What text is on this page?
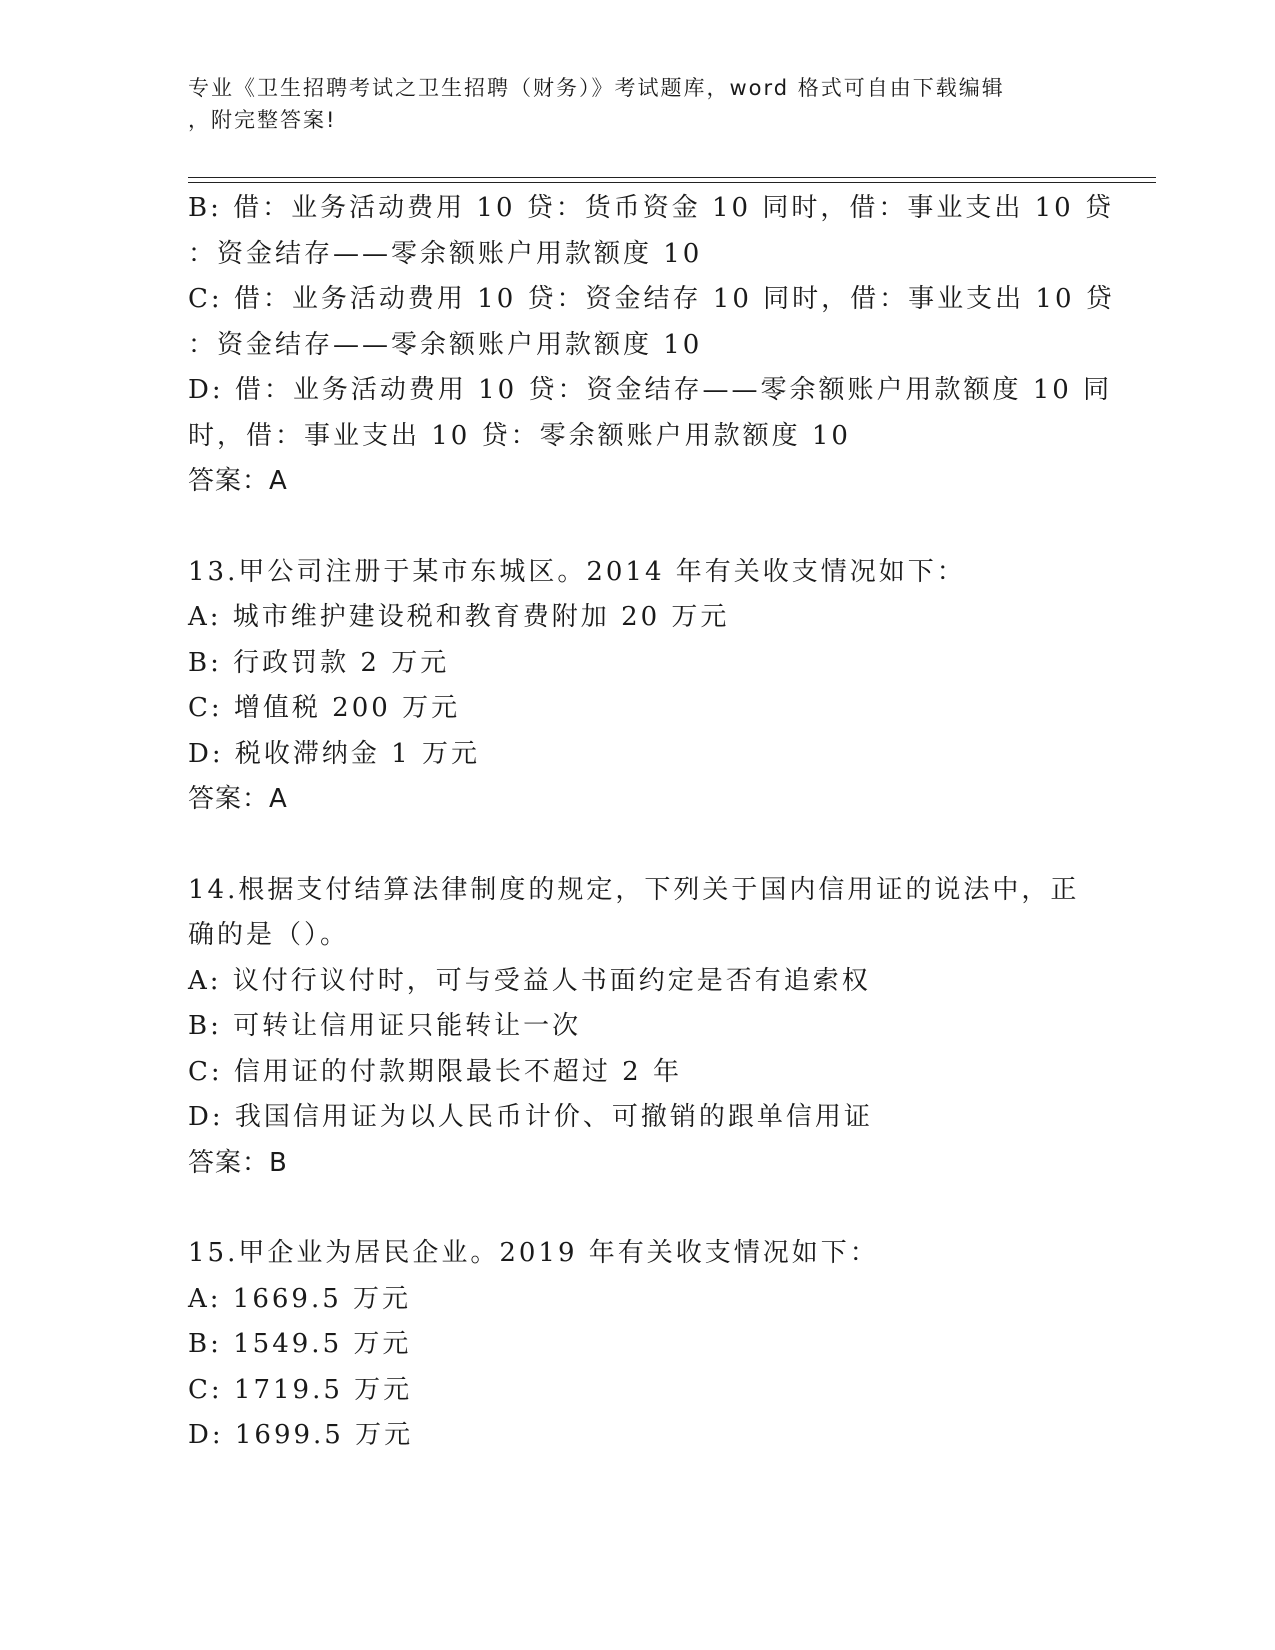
专业《卫生招聘考试之卫生招聘（财务）》考试题库，word 格式可自由下载编辑
，附完整答案!
B: 借：业务活动费用 10 贷：货币资金 10 同时，借：事业支出 10 贷
：资金结存——零余额账户用款额度 10
C: 借：业务活动费用 10 贷：资金结存 10 同时，借：事业支出 10 贷
：资金结存——零余额账户用款额度 10
D: 借：业务活动费用 10 贷：资金结存——零余额账户用款额度 10 同
时，借：事业支出 10 贷：零余额账户用款额度 10
答案：A
13.甲公司注册于某市东城区。2014 年有关收支情况如下：
A: 城市维护建设税和教育费附加 20 万元
B: 行政罚款 2 万元
C: 增值税 200 万元
D: 税收滞纳金 1 万元
答案：A
14.根据支付结算法律制度的规定，下列关于国内信用证的说法中，正
确的是（）。
A: 议付行议付时，可与受益人书面约定是否有追索权
B: 可转让信用证只能转让一次
C: 信用证的付款期限最长不超过 2 年
D: 我国信用证为以人民币计价、可撤销的跟单信用证
答案：B
15.甲企业为居民企业。2019 年有关收支情况如下：
A: 1669.5 万元
B: 1549.5 万元
C: 1719.5 万元
D: 1699.5 万元
